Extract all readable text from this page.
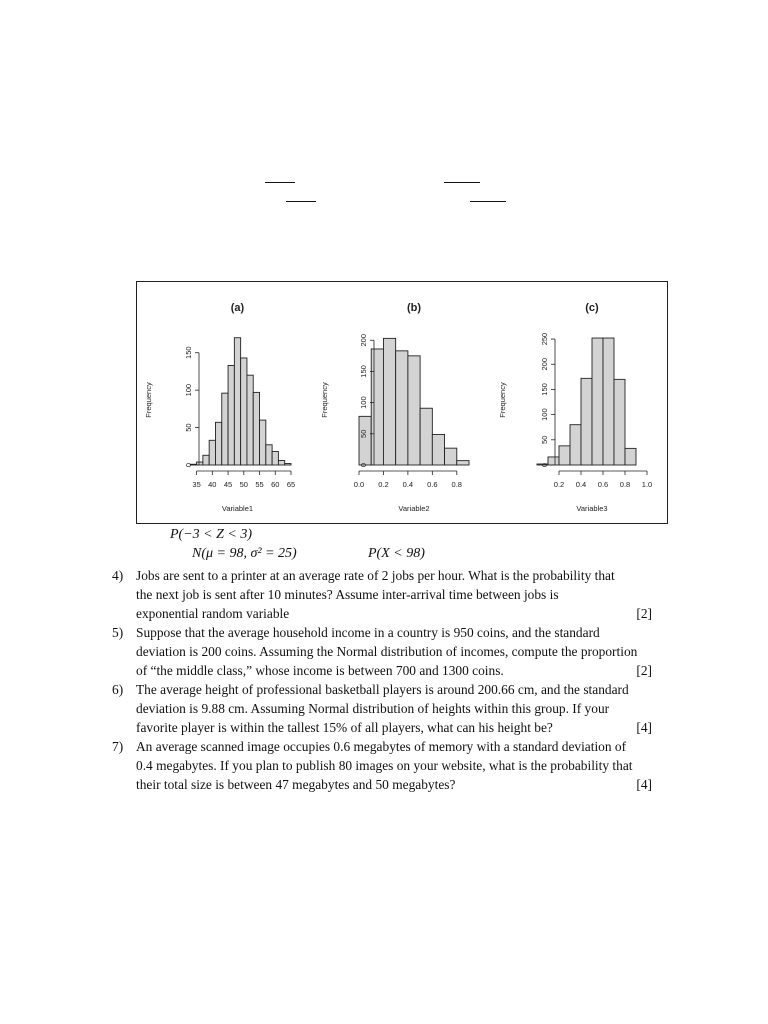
(a)
35 40 45 50 55 60 65
0
50
100
150
Variable1
Frequency
(b)
0.0 0.2 0.4 0.6 0.8
0
50
100
150
200
Variable2
Frequency
(c)
0.2 0.4 0.6 0.8 1.0
0
50
100
150
200
250
Variable3
Frequency
P(−3 < Z < 3)
N(μ = 98, σ² = 25)	P(X < 98)
4) Jobs are sent to a printer at an average rate of 2 jobs per hour. What is the probability that
the next job is sent after 10 minutes? Assume inter-arrival time between jobs is
exponential random variable	[2]
5) Suppose that the average household income in a country is 950 coins, and the standard
deviation is 200 coins. Assuming the Normal distribution of incomes, compute the proportion
of “the middle class,” whose income is between 700 and 1300 coins.	[2]
6) The average height of professional basketball players is around 200.66 cm, and the standard
deviation is 9.88 cm. Assuming Normal distribution of heights within this group. If your
favorite player is within the tallest 15% of all players, what can his height be?	[4]
7) An average scanned image occupies 0.6 megabytes of memory with a standard deviation of
0.4 megabytes. If you plan to publish 80 images on your website, what is the probability that
their total size is between 47 megabytes and 50 megabytes?	[4]
